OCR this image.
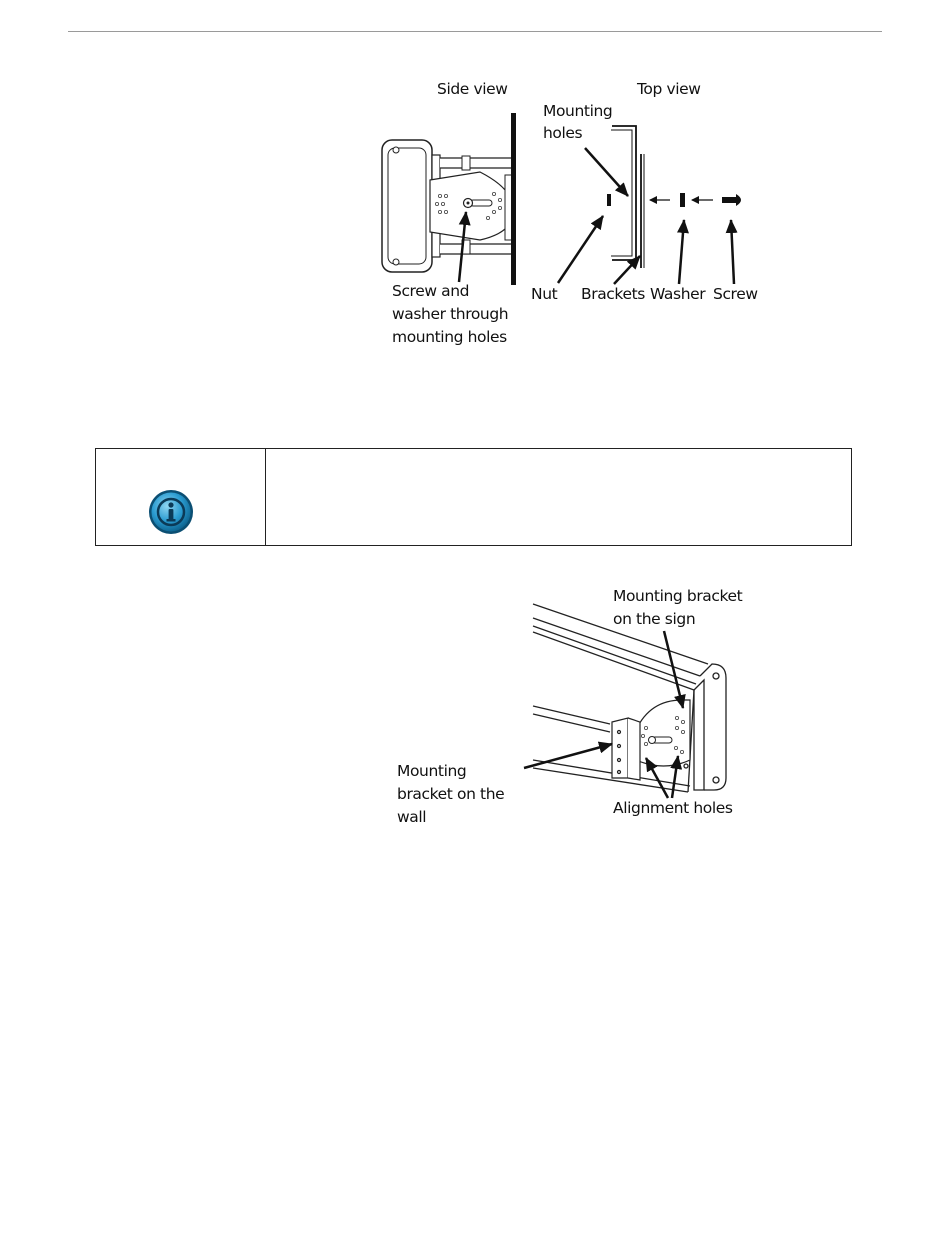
Side view	Top view
Mounting
holes
Screw and
washer through
mounting holes
Nut Brackets Washer Screw
Mounting bracket
on the sign
Mounting
bracket on the
wall	Alignment holes
